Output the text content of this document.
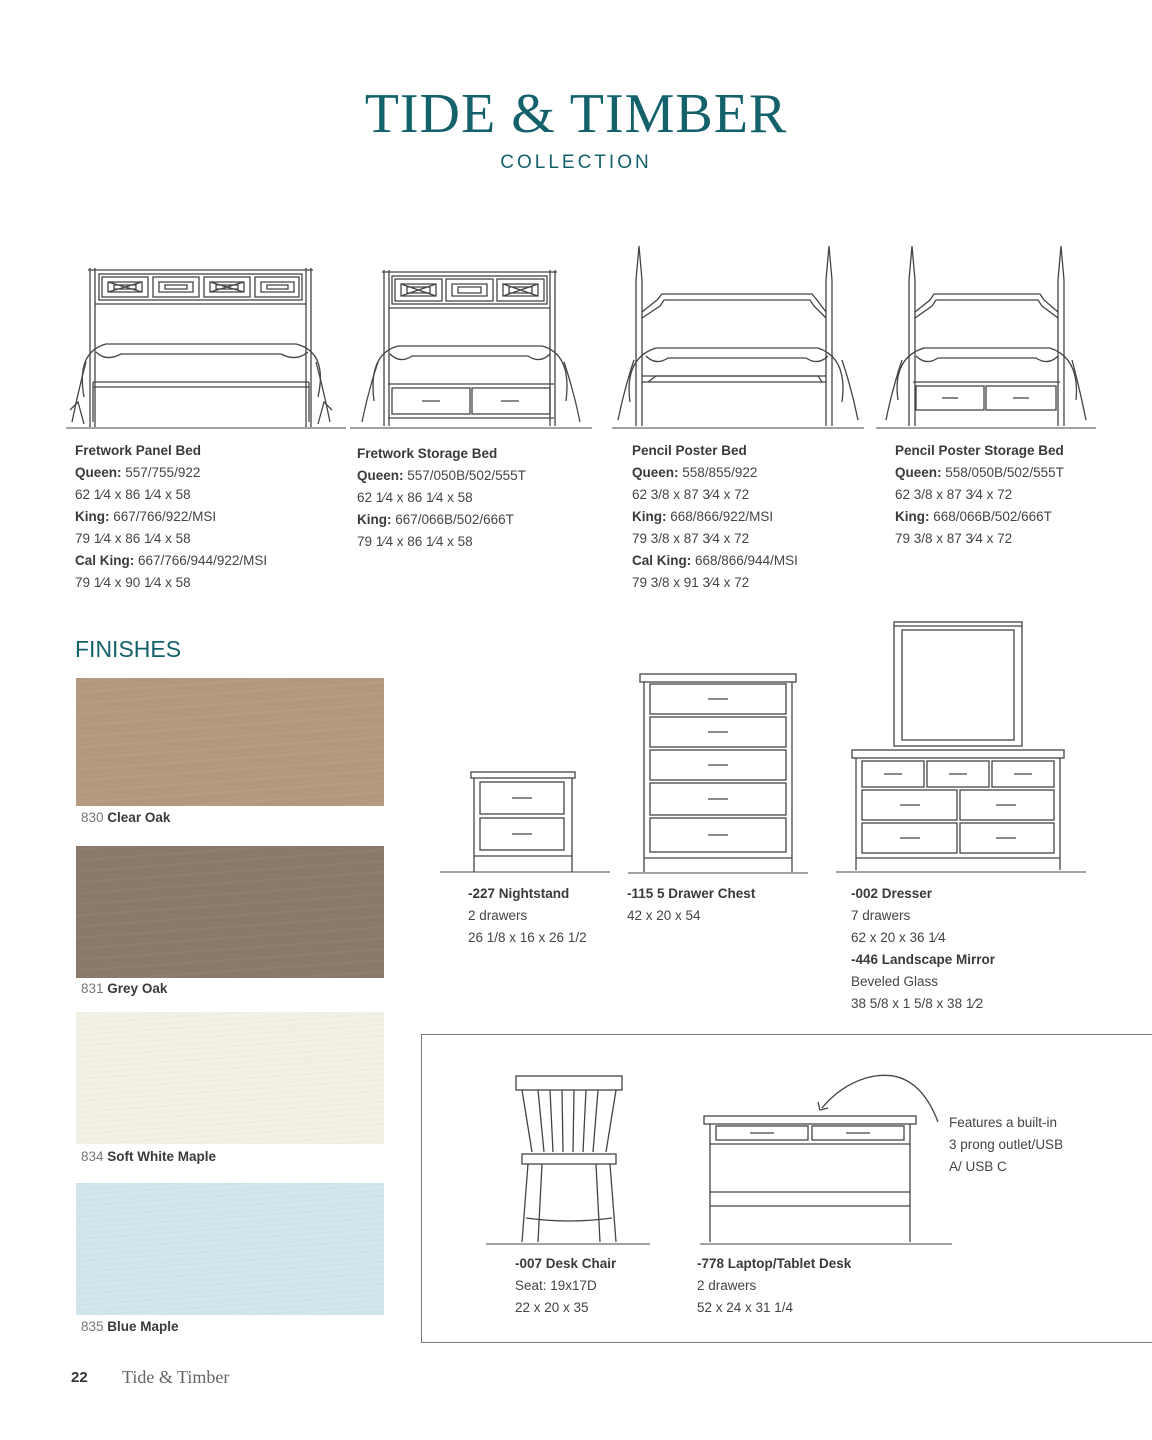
TIDE & TIMBER
COLLECTION
Fretwork Panel Bed
Queen: 557/755/922
62 1⁄4 x 86 1⁄4 x 58
King: 667/766/922/MSI
79 1⁄4 x 86 1⁄4 x 58
Cal King: 667/766/944/922/MSI
79 1⁄4 x 90 1⁄4 x 58
Fretwork Storage Bed
Queen: 557/050B/502/555T
62 1⁄4 x 86 1⁄4 x 58
King: 667/066B/502/666T
79 1⁄4 x 86 1⁄4 x 58
Pencil Poster Bed
Queen: 558/855/922
62 3/8 x 87 3⁄4 x 72
King: 668/866/922/MSI
79 3/8 x 87 3⁄4 x 72
Cal King: 668/866/944/MSI
79 3/8 x 91 3⁄4 x 72
Pencil Poster Storage Bed
Queen: 558/050B/502/555T
62 3/8 x 87 3⁄4 x 72
King: 668/066B/502/666T
79 3/8 x 87 3⁄4 x 72
FINISHES
830 Clear Oak
831 Grey Oak
834 Soft White Maple
835 Blue Maple
-227 Nightstand
2 drawers
26 1/8 x 16 x 26 1/2
-115 5 Drawer Chest
42 x 20 x 54
-002 Dresser
7 drawers
62 x 20 x 36 1⁄4
-446 Landscape Mirror
Beveled Glass
38 5/8 x 1 5/8 x 38 1⁄2
Features a built-in
3 prong outlet/USB
A/ USB C
-007 Desk Chair
Seat: 19x17D
22 x 20 x 35
-778 Laptop/Tablet Desk
2 drawers
52 x 24 x 31 1/4
22 Tide & Timber
